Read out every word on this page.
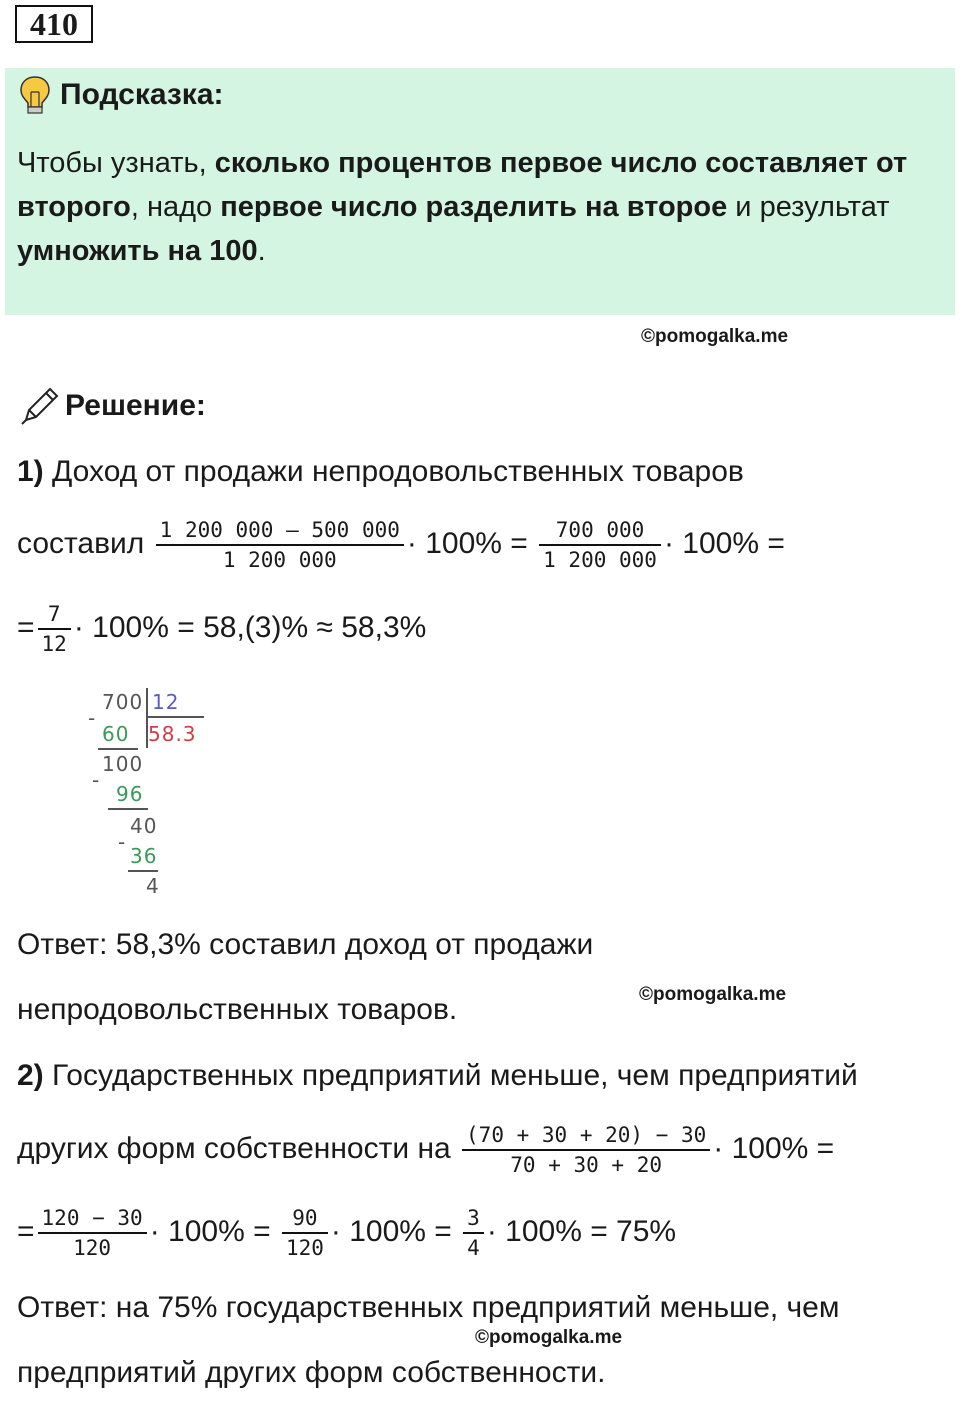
410
Подсказка:
Чтобы узнать, сколько процентов первое число составляет от второго, надо первое число разделить на второе и результат умножить на 100.
©pomogalka.me
Решение:
1) Доход от продажи непродовольственных товаров
составил $\frac{1 200 000 - 500 000}{1 200 000} \cdot 100\% = \frac{700 000}{1 200 000} \cdot 100\%$ =
= $\frac{7}{12} \cdot 100\% = 58,(3)\% \approx 58,3\%$
700 12
58.3
-
60
100
-
96
40
-
36
4
Ответ: 58,3% составил доход от продажи
©pomogalka.me
непродовольственных товаров.
2) Государственных предприятий меньше, чем предприятий
других форм собственности на $\frac{(70 + 30 + 20) - 30}{70 + 30 + 20} \cdot 100\%$ =
= $\frac{120 - 30}{120} \cdot 100\% = \frac{90}{120} \cdot 100\% = \frac{3}{4} \cdot 100\% = 75\%$
Ответ: на 75% государственных предприятий меньше, чем
©pomogalka.me
предприятий других форм собственности.
